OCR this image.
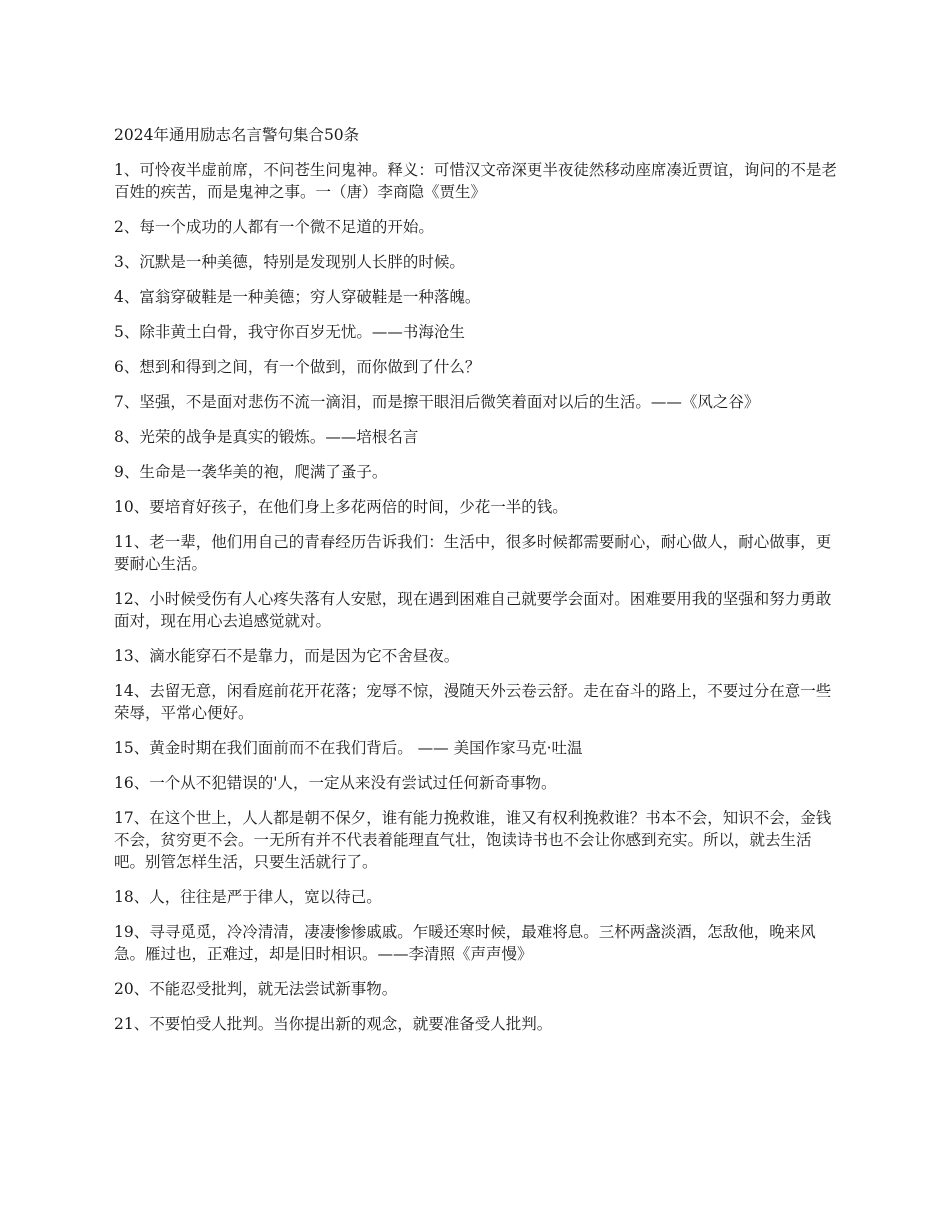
2024年通用励志名言警句集合50条
1、可怜夜半虚前席，不问苍生问鬼神。释义：可惜汉文帝深更半夜徒然移动座席凑近贾谊，询问的不是老百姓的疾苦，而是鬼神之事。一（唐）李商隐《贾生》
2、每一个成功的人都有一个微不足道的开始。
3、沉默是一种美德，特别是发现别人长胖的时候。
4、富翁穿破鞋是一种美德；穷人穿破鞋是一种落魄。
5、除非黄土白骨，我守你百岁无忧。——书海沧生
6、想到和得到之间，有一个做到，而你做到了什么？
7、坚强，不是面对悲伤不流一滴泪，而是擦干眼泪后微笑着面对以后的生活。——《风之谷》
8、光荣的战争是真实的锻炼。——培根名言
9、生命是一袭华美的袍，爬满了蚤子。
10、要培育好孩子，在他们身上多花两倍的时间，少花一半的钱。
11、老一辈，他们用自己的青春经历告诉我们：生活中，很多时候都需要耐心，耐心做人，耐心做事，更要耐心生活。
12、小时候受伤有人心疼失落有人安慰，现在遇到困难自己就要学会面对。困难要用我的坚强和努力勇敢面对，现在用心去追感觉就对。
13、滴水能穿石不是靠力，而是因为它不舍昼夜。
14、去留无意，闲看庭前花开花落；宠辱不惊，漫随天外云卷云舒。走在奋斗的路上，不要过分在意一些荣辱，平常心便好。
15、黄金时期在我们面前而不在我们背后。 —— 美国作家马克·吐温
16、一个从不犯错误的'人，一定从来没有尝试过任何新奇事物。
17、在这个世上，人人都是朝不保夕，谁有能力挽救谁，谁又有权利挽救谁？书本不会，知识不会，金钱不会，贫穷更不会。一无所有并不代表着能理直气壮，饱读诗书也不会让你感到充实。所以，就去生活吧。别管怎样生活，只要生活就行了。
18、人，往往是严于律人，宽以待己。
19、寻寻觅觅，冷冷清清，凄凄惨惨戚戚。乍暖还寒时候，最难将息。三杯两盏淡酒，怎敌他，晚来风急。雁过也，正难过，却是旧时相识。——李清照《声声慢》
20、不能忍受批判，就无法尝试新事物。
21、不要怕受人批判。当你提出新的观念，就要准备受人批判。
